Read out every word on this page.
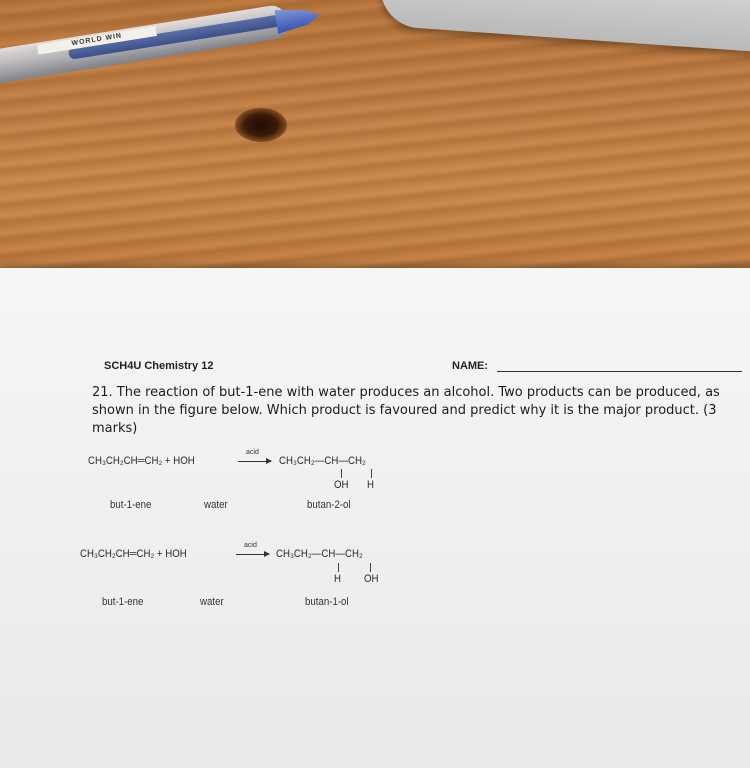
WORLD WIN
SCH4U Chemistry 12	NAME:
21. The reaction of but-1-ene with water produces an alcohol. Two products can be produced, as shown in the figure below. Which product is favoured and predict why it is the major product. (3 marks)
CH₃CH₂CH═CH₂ + HOH
acid
→ CH₃CH₂—CH—CH₂
OH H
but-1-ene	water	butan-2-ol
CH₃CH₂CH═CH₂ + HOH
acid
→ CH₃CH₂—CH—CH₂
H OH
but-1-ene	water	butan-1-ol
